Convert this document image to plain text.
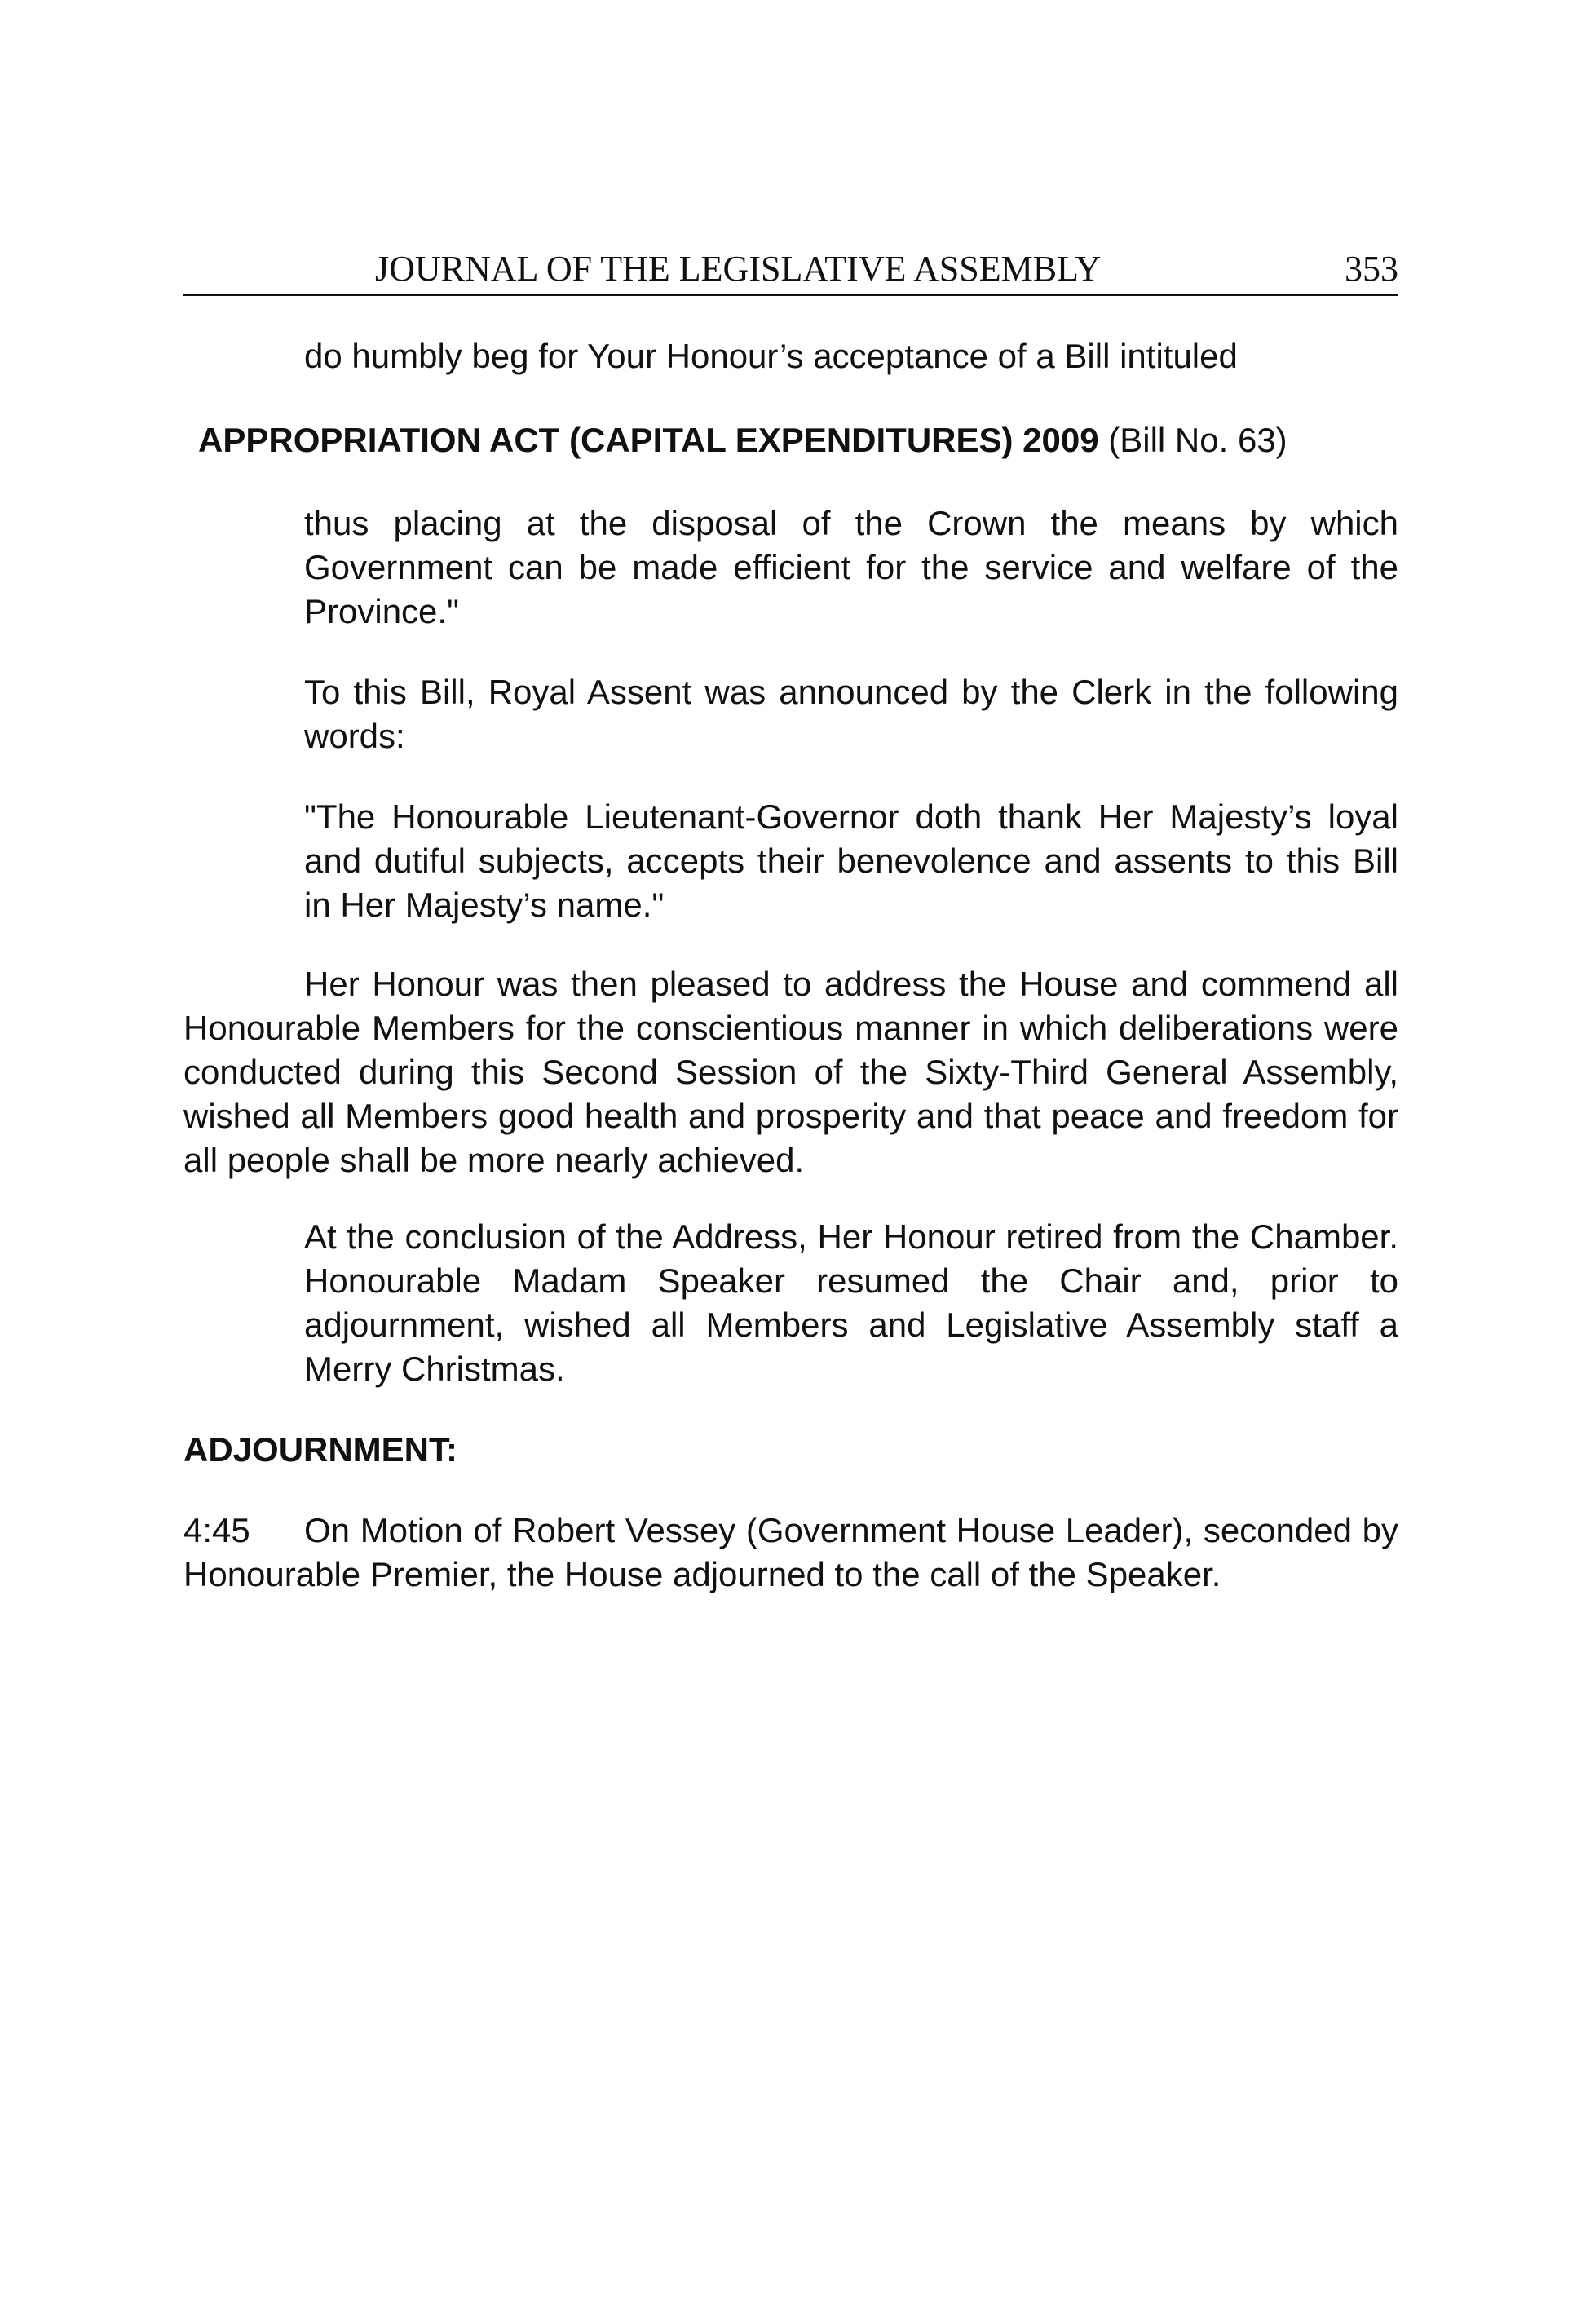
JOURNAL OF THE LEGISLATIVE ASSEMBLY	353
do humbly beg for Your Honour’s acceptance of a Bill intituled
APPROPRIATION ACT (CAPITAL EXPENDITURES) 2009 (Bill No. 63)
thus placing at the disposal of the Crown the means by which Government can be made efficient for the service and welfare of the Province."
To this Bill, Royal Assent was announced by the Clerk in the following words:
"The Honourable Lieutenant-Governor doth thank Her Majesty’s loyal and dutiful subjects, accepts their benevolence and assents to this Bill in Her Majesty’s name."
Her Honour was then pleased to address the House and commend all Honourable Members for the conscientious manner in which deliberations were conducted during this Second Session of the Sixty-Third General Assembly, wished all Members good health and prosperity and that peace and freedom for all people shall be more nearly achieved.
At the conclusion of the Address, Her Honour retired from the Chamber. Honourable Madam Speaker resumed the Chair and, prior to adjournment, wished all Members and Legislative Assembly staff a Merry Christmas.
ADJOURNMENT:
4:45 On Motion of Robert Vessey (Government House Leader), seconded by Honourable Premier, the House adjourned to the call of the Speaker.
